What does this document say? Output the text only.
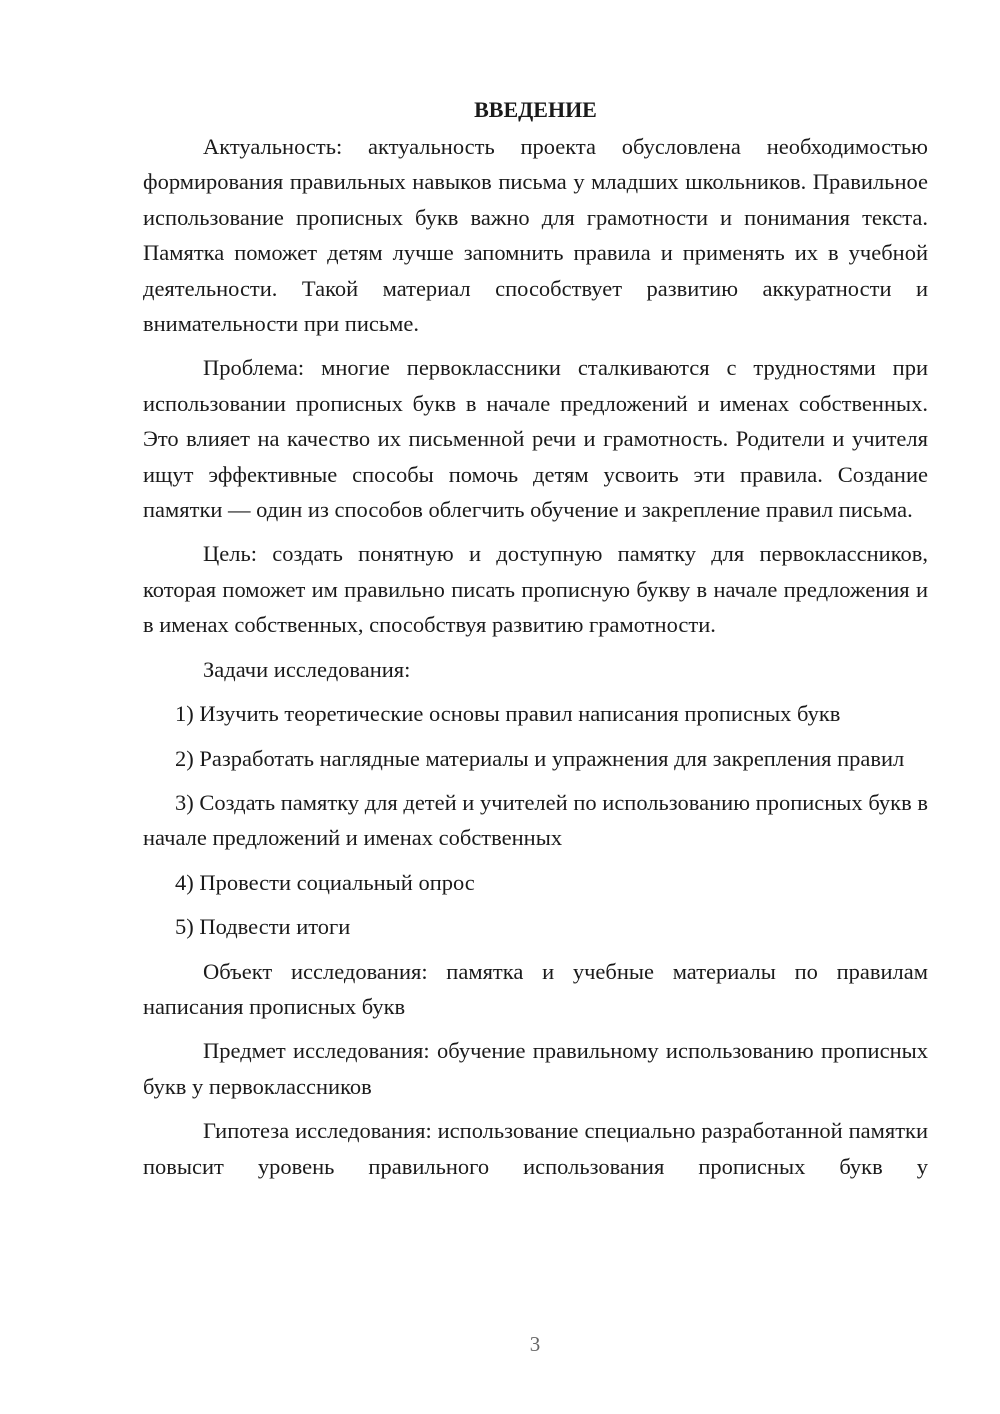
ВВЕДЕНИЕ

Актуальность: актуальность проекта обусловлена необходимостью формирования правильных навыков письма у младших школьников. Правильное использование прописных букв важно для грамотности и понимания текста. Памятка поможет детям лучше запомнить правила и применять их в учебной деятельности. Такой материал способствует развитию аккуратности и внимательности при письме.

Проблема: многие первоклассники сталкиваются с трудностями при использовании прописных букв в начале предложений и именах собственных. Это влияет на качество их письменной речи и грамотность. Родители и учителя ищут эффективные способы помочь детям усвоить эти правила. Создание памятки — один из способов облегчить обучение и закрепление правил письма.

Цель: создать понятную и доступную памятку для первоклассников, которая поможет им правильно писать прописную букву в начале предложения и в именах собственных, способствуя развитию грамотности.

Задачи исследования:

1) Изучить теоретические основы правил написания прописных букв

2) Разработать наглядные материалы и упражнения для закрепления правил

3) Создать памятку для детей и учителей по использованию прописных букв в начале предложений и именах собственных

4) Провести социальный опрос

5) Подвести итоги

Объект исследования: памятка и учебные материалы по правилам написания прописных букв

Предмет исследования: обучение правильному использованию прописных букв у первоклассников

Гипотеза исследования: использование специально разработанной памятки повысит уровень правильного использования прописных букв у

3
